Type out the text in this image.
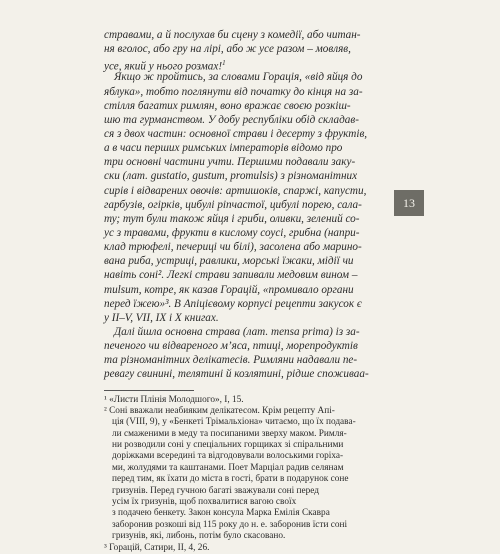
стравами, а й послухав би сцену з комедії, або читан-
ня вголос, або гру на лірі, або ж усе разом – мовляв,
усе, який у нього розмах!$^1$
Якщо ж пройтись, за словами Горація, «від яйця до
яблука», тобто поглянути від початку до кінця на за-
стілля багатих римлян, воно вражає своєю розкіш-
шю та гурманством. У добу республіки обід складав-
ся з двох частин: основної страви і десерту з фруктів,
а в часи перших римських імператорів відомо про
три основні частини учти. Першими подавали заку-
ски (лат. gustatio, gustum, promulsis) з різноманітних
сирів і відварених овочів: артишоків, спаржі, капусти,
гарбузів, огірків, цибулі ріпчастої, цибулі порею, сала-
ту; тут були також яйця і гриби, оливки, зелений со-
ус з травами, фрукти в кислому соусі, грибна (напри-
клад трюфелі, печериці чи білі), засолена або марино-
вана риба, устриці, равлики, морські їжаки, мідії чи
навіть соні². Легкі страви запивали медовим вином –
mulsum, котре, як казав Горацій, «промивало органи
перед їжею»³. В Апіцієвому корпусі рецепти закусок є
у II–V, VII, IX і X книгах.
Далі йшла основна страва (лат. mensa prima) із за-
печеного чи відвареного м’яса, птиці, морепродуктів
та різноманітних делікатесів. Римляни надавали пе-
ревагу свинині, телятині й козлятині, рідше споживаа-
¹ «Листи Плінія Молодшого», I, 15.
² Соні вважали неабияким делікатесом. Крім рецепту Апі-
ція (VIII, 9), у «Бенкеті Трімальхіона» читаємо, що їх подава-
ли смаженими в меду та посипаними зверху маком. Римля-
ни розводили соні у спеціальних горщиках зі спіральними
доріжками всередині та відгодовували волоськими горіха-
ми, жолудями та каштанами. Поет Марціал радив селянам
перед тим, як їхати до міста в гості, брати в подарунок соне
гризунів. Перед гучною багаті зважували соні перед
усім їх гризунів, щоб похвалитися вагою своїх
з подачею бенкету. Закон консула Марка Емілія Скавра
заборонив розкоші від 115 року до н. е. заборонив їсти соні
гризунів, які, либонь, потім було скасовано.
³ Горацій, Сатири, II, 4, 26.
13
